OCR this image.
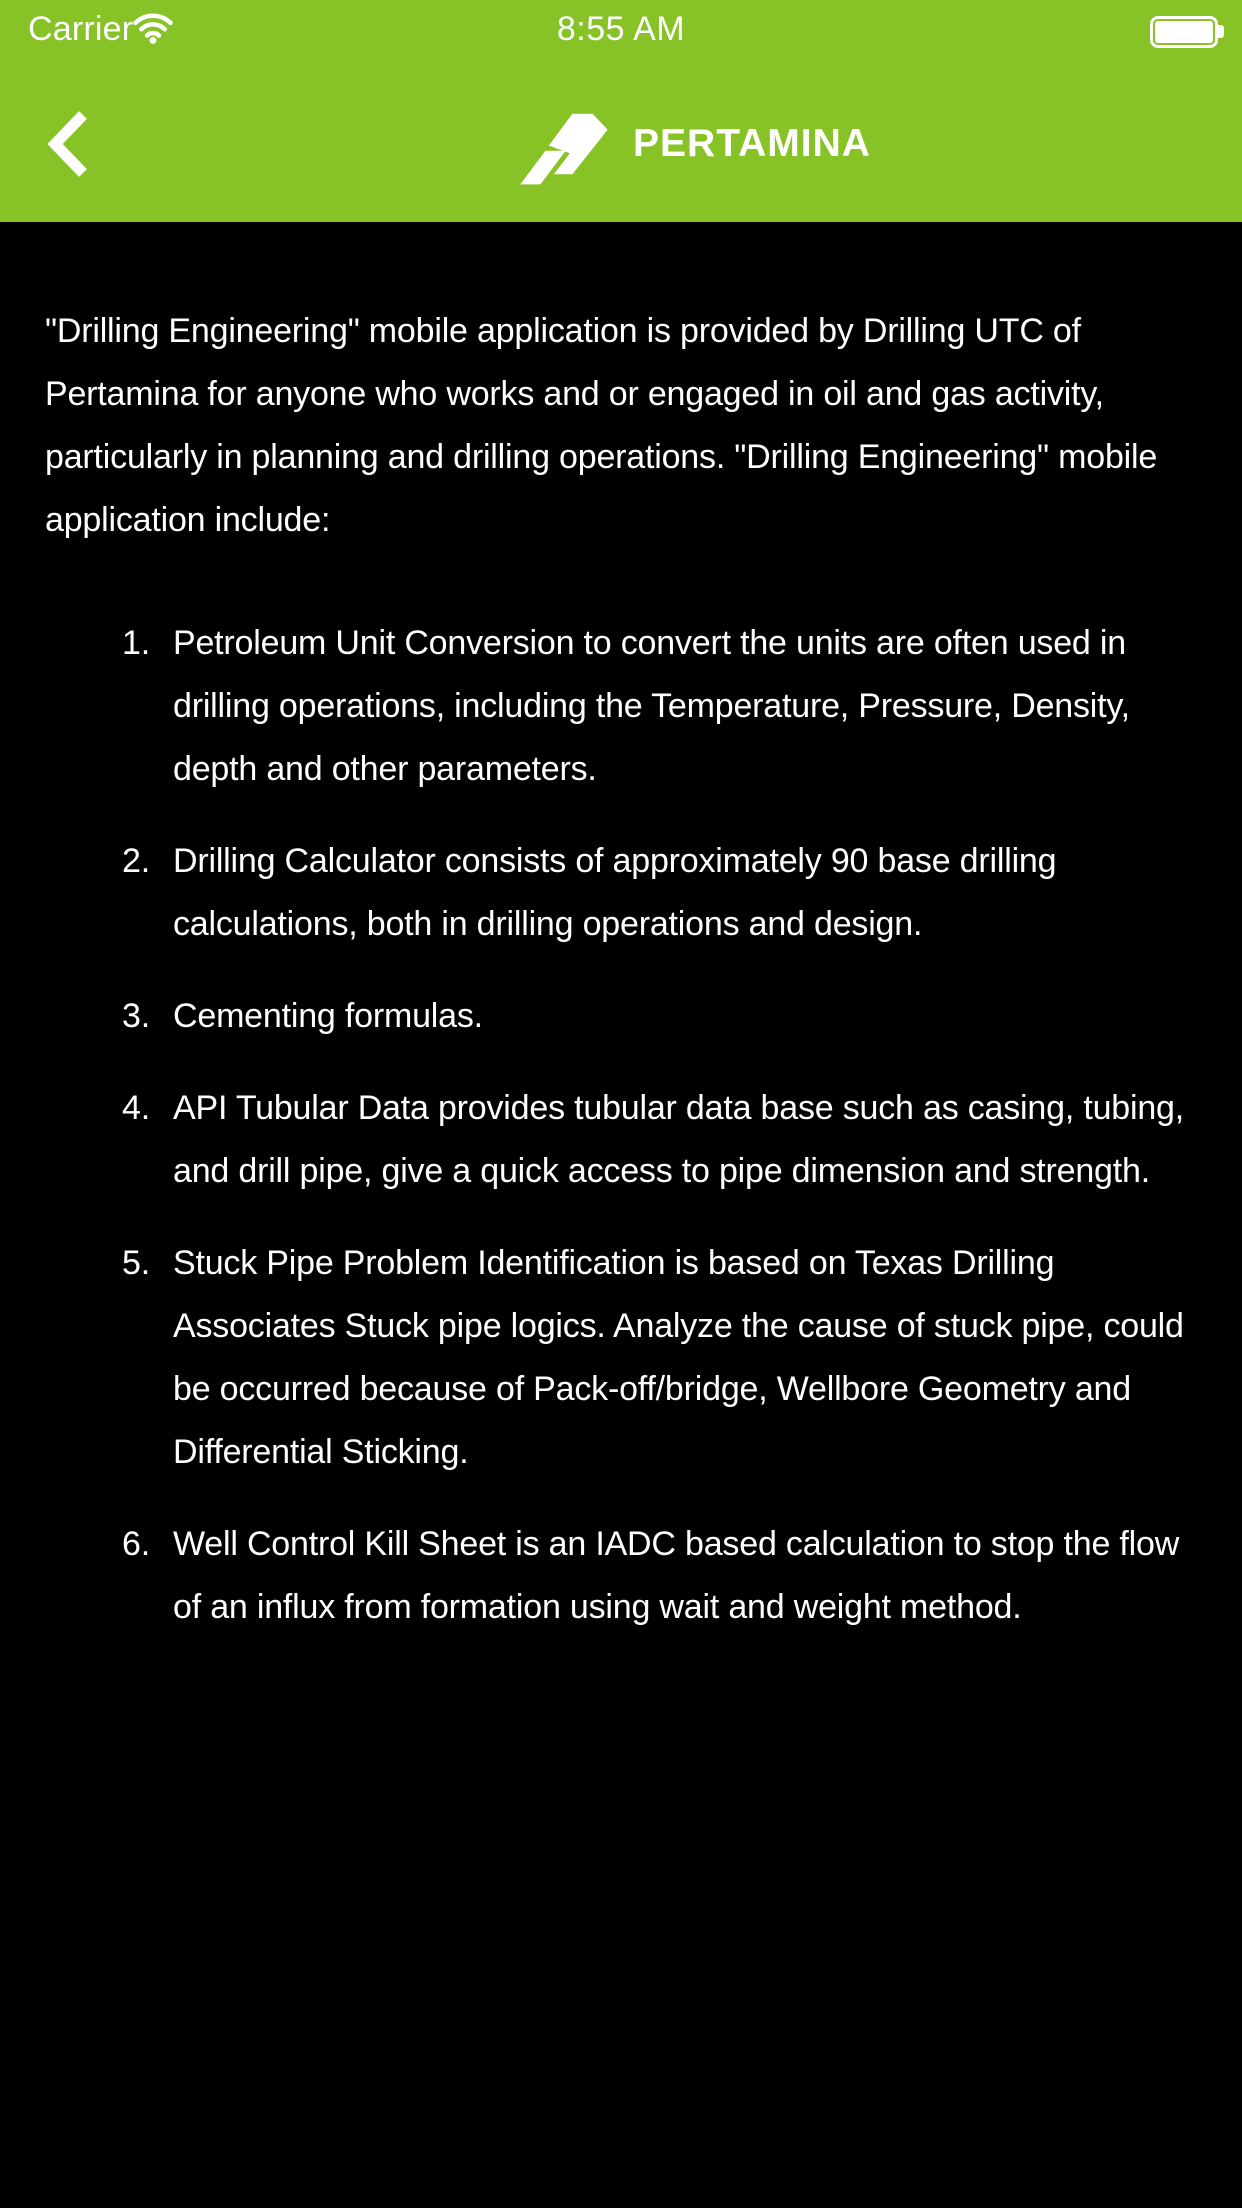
Carrier	8:55 AM
PERTAMINA

"Drilling Engineering" mobile application is provided by Drilling UTC of Pertamina for anyone who works and or engaged in oil and gas activity, particularly in planning and drilling operations. "Drilling Engineering" mobile application include:

1. Petroleum Unit Conversion to convert the units are often used in drilling operations, including the Temperature, Pressure, Density, depth and other parameters.
2. Drilling Calculator consists of approximately 90 base drilling calculations, both in drilling operations and design.
3. Cementing formulas.
4. API Tubular Data provides tubular data base such as casing, tubing, and drill pipe, give a quick access to pipe dimension and strength.
5. Stuck Pipe Problem Identification is based on Texas Drilling Associates Stuck pipe logics. Analyze the cause of stuck pipe, could be occurred because of Pack-off/bridge, Wellbore Geometry and Differential Sticking.
6. Well Control Kill Sheet is an IADC based calculation to stop the flow of an influx from formation using wait and weight method.
